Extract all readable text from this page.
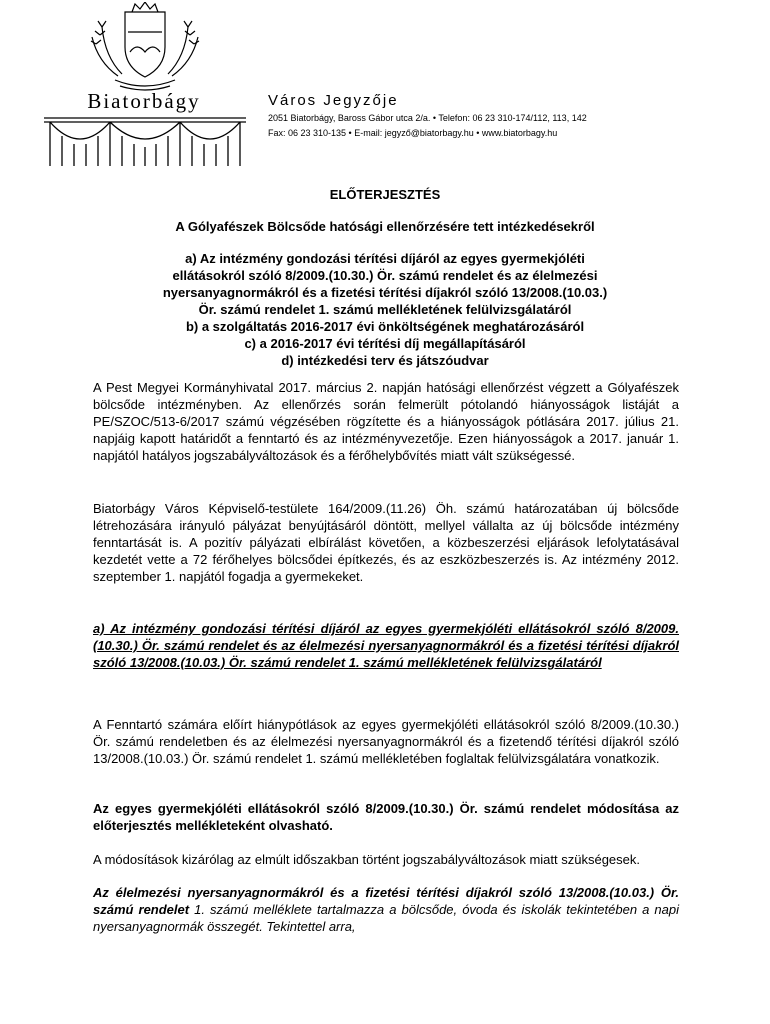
Biatorbágy	Város Jegyzője
2051 Biatorbágy, Baross Gábor utca 2/a. • Telefon: 06 23 310-174/112, 113, 142
Fax: 06 23 310-135 • E-mail: jegyző@biatorbagy.hu • www.biatorbagy.hu
ELŐTERJESZTÉS
A Gólyafészek Bölcsőde hatósági ellenőrzésére tett intézkedésekről
a) Az intézmény gondozási térítési díjáról az egyes gyermekjóléti
ellátásokról szóló 8/2009.(10.30.) Ör. számú rendelet és az élelmezési
nyersanyagnormákról és a fizetési térítési díjakról szóló 13/2008.(10.03.)
Ör. számú rendelet 1. számú mellékletének felülvizsgálatáról
b) a szolgáltatás 2016-2017 évi önköltségének meghatározásáról
c) a 2016-2017 évi térítési díj megállapításáról
d) intézkedési terv és játszóudvar

A Pest Megyei Kormányhivatal 2017. március 2. napján hatósági ellenőrzést végzett a Gólyafészek bölcsőde intézményben. Az ellenőrzés során felmerült pótolandó hiányosságok listáját a PE/SZOC/513-6/2017 számú végzésében rögzítette és a hiányosságok pótlására 2017. július 21. napjáig kapott határidőt a fenntartó és az intézményvezetője. Ezen hiányosságok a 2017. január 1. napjától hatályos jogszabályváltozások és a férőhelybővítés miatt vált szükségessé.

Biatorbágy Város Képviselő-testülete 164/2009.(11.26) Öh. számú határozatában új bölcsőde létrehozására irányuló pályázat benyújtásáról döntött, mellyel vállalta az új bölcsőde intézmény fenntartását is. A pozitív pályázati elbírálást követően, a közbeszerzési eljárások lefolytatásával kezdetét vette a 72 férőhelyes bölcsődei építkezés, és az eszközbeszerzés is. Az intézmény 2012. szeptember 1. napjától fogadja a gyermekeket.

a) Az intézmény gondozási térítési díjáról az egyes gyermekjóléti ellátásokról szóló 8/2009.(10.30.) Ör. számú rendelet és az élelmezési nyersanyagnormákról és a fizetési térítési díjakról szóló 13/2008.(10.03.) Ör. számú rendelet 1. számú mellékletének felülvizsgálatáról

A Fenntartó számára előírt hiánypótlások az egyes gyermekjóléti ellátásokról szóló 8/2009.(10.30.) Ör. számú rendeletben és az élelmezési nyersanyagnormákról és a fizetendő térítési díjakról szóló 13/2008.(10.03.) Ör. számú rendelet 1. számú mellékletében foglaltak felülvizsgálatára vonatkozik.

Az egyes gyermekjóléti ellátásokról szóló 8/2009.(10.30.) Ör. számú rendelet módosítása az előterjesztés mellékleteként olvasható.

A módosítások kizárólag az elmúlt időszakban történt jogszabályváltozások miatt szükségesek.

Az élelmezési nyersanyagnormákról és a fizetési térítési díjakról szóló 13/2008.(10.03.) Ör. számú rendelet 1. számú melléklete tartalmazza a bölcsőde, óvoda és iskolák tekintetében a napi nyersanyagnormák összegét. Tekintettel arra,
